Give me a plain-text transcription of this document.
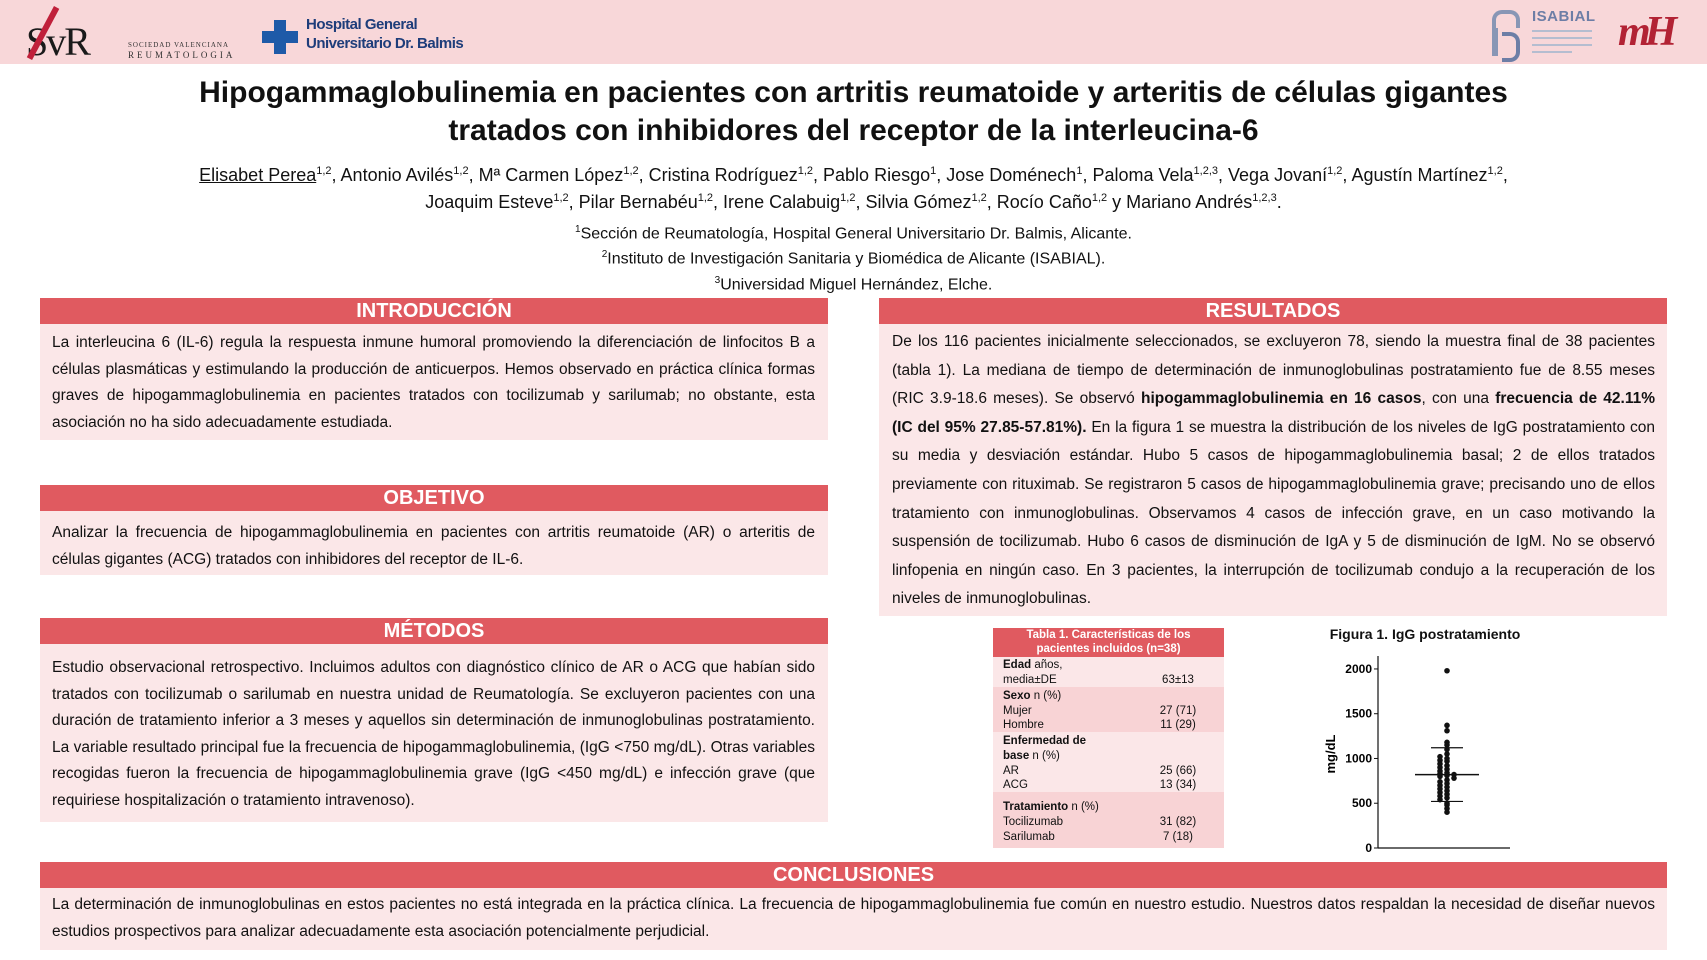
SvR	SOCIEDAD VALENCIANA
REUMATOLOGIA
Hospital General
Universitario Dr. Balmis
ISABIAL mH
Hipogammaglobulinemia en pacientes con artritis reumatoide y arteritis de células gigantes
tratados con inhibidores del receptor de la interleucina-6
Elisabet Perea$^{1,2}$, Antonio Avilés$^{1,2}$, Mª Carmen López$^{1,2}$, Cristina Rodríguez$^{1,2}$, Pablo Riesgo$^1$, Jose Doménech$^1$, Paloma Vela$^{1,2,3}$, Vega Jovaní$^{1,2}$, Agustín Martínez$^{1,2}$,
Joaquim Esteve$^{1,2}$, Pilar Bernabéu$^{1,2}$, Irene Calabuig$^{1,2}$, Silvia Gómez$^{1,2}$, Rocío Caño$^{1,2}$ y Mariano Andrés$^{1,2,3}$.
$^1$Sección de Reumatología, Hospital General Universitario Dr. Balmis, Alicante.
$^2$Instituto de Investigación Sanitaria y Biomédica de Alicante (ISABIAL).
$^3$Universidad Miguel Hernández, Elche.
INTRODUCCIÓN
La interleucina 6 (IL-6) regula la respuesta inmune humoral promoviendo la diferenciación de linfocitos B a células plasmáticas y estimulando la producción de anticuerpos. Hemos observado en práctica clínica formas graves de hipogammaglobulinemia en pacientes tratados con tocilizumab y sarilumab; no obstante, esta asociación no ha sido adecuadamente estudiada.
OBJETIVO
Analizar la frecuencia de hipogammaglobulinemia en pacientes con artritis reumatoide (AR) o arteritis de células gigantes (ACG) tratados con inhibidores del receptor de IL-6.
MÉTODOS
Estudio observacional retrospectivo. Incluimos adultos con diagnóstico clínico de AR o ACG que habían sido tratados con tocilizumab o sarilumab en nuestra unidad de Reumatología. Se excluyeron pacientes con una duración de tratamiento inferior a 3 meses y aquellos sin determinación de inmunoglobulinas postratamiento. La variable resultado principal fue la frecuencia de hipogammaglobulinemia, (IgG <750 mg/dL). Otras variables recogidas fueron la frecuencia de hipogammaglobulinemia grave (IgG <450 mg/dL) e infección grave (que requiriese hospitalización o tratamiento intravenoso).
RESULTADOS
De los 116 pacientes inicialmente seleccionados, se excluyeron 78, siendo la muestra final de 38 pacientes (tabla 1). La mediana de tiempo de determinación de inmunoglobulinas postratamiento fue de 8.55 meses (RIC 3.9-18.6 meses). Se observó hipogammaglobulinemia en 16 casos, con una frecuencia de 42.11% (IC del 95% 27.85-57.81%). En la figura 1 se muestra la distribución de los niveles de IgG postratamiento con su media y desviación estándar. Hubo 5 casos de hipogammaglobulinemia basal; 2 de ellos tratados previamente con rituximab. Se registraron 5 casos de hipogammaglobulinemia grave; precisando uno de ellos tratamiento con inmunoglobulinas. Observamos 4 casos de infección grave, en un caso motivando la suspensión de tocilizumab. Hubo 6 casos de disminución de IgA y 5 de disminución de IgM. No se observó linfopenia en ningún caso. En 3 pacientes, la interrupción de tocilizumab condujo a la recuperación de los niveles de inmunoglobulinas.
Tabla 1. Características de los
pacientes incluidos (n=38)
Edad años,
media±DE	63±13
Sexo n (%)
Mujer	27 (71)
Hombre	11 (29)
Enfermedad de base n (%)
AR	25 (66)
ACG	13 (34)
Tratamiento n (%)
Tocilizumab	31 (82)
Sarilumab	7 (18)
Figura 1. IgG postratamiento
0
500
1000
1500
2000
mg/dL
CONCLUSIONES
La determinación de inmunoglobulinas en estos pacientes no está integrada en la práctica clínica. La frecuencia de hipogammaglobulinemia fue común en nuestro estudio. Nuestros datos respaldan la necesidad de diseñar nuevos estudios prospectivos para analizar adecuadamente esta asociación potencialmente perjudicial.
